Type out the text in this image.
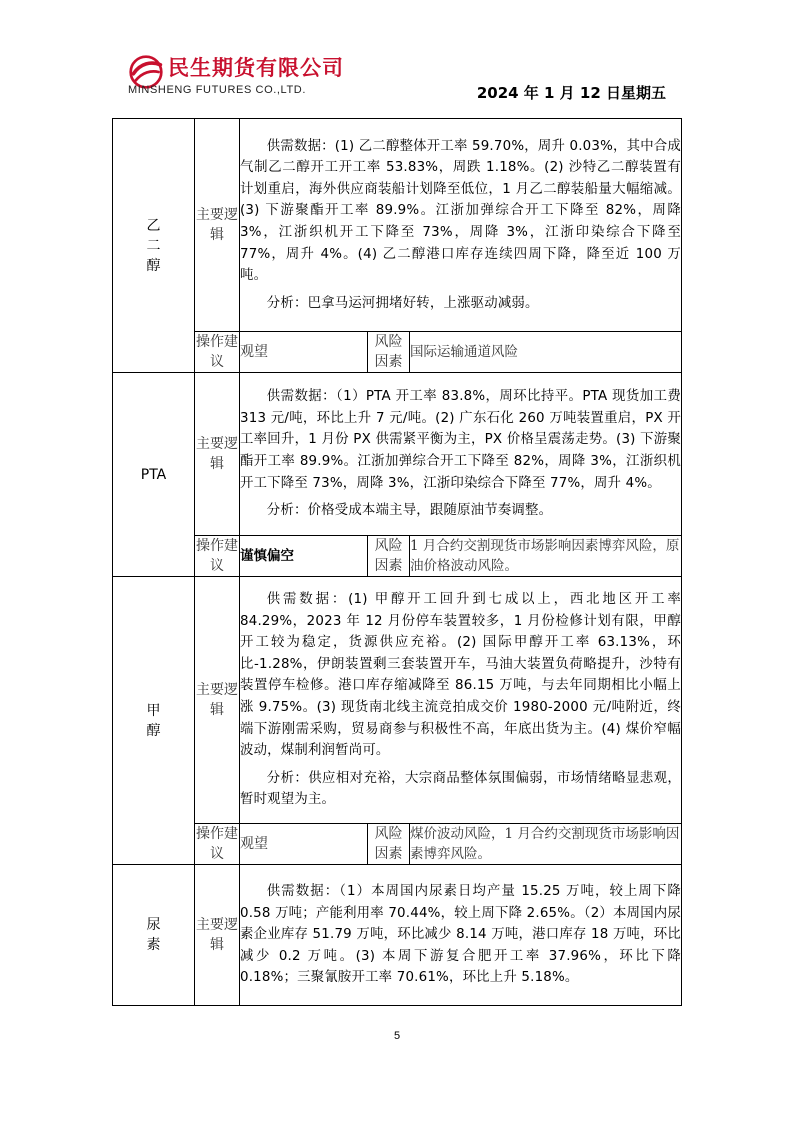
民生期货有限公司
MINSHENG FUTURES CO.,LTD.	2024 年 1 月 12 日星期五
乙二醇	主要逻辑	供需数据：(1) 乙二醇整体开工率 59.70%，周升 0.03%，其中合成气制乙二醇开工开工率 53.83%，周跌 1.18%。(2) 沙特乙二醇装置有计划重启，海外供应商装船计划降至低位，1 月乙二醇装船量大幅缩减。(3) 下游聚酯开工率 89.9%。江浙加弹综合开工下降至 82%，周降 3%，江浙织机开工下降至 73%，周降 3%，江浙印染综合下降至 77%，周升 4%。(4) 乙二醇港口库存连续四周下降，降至近 100 万吨。

分析：巴拿马运河拥堵好转，上涨驱动减弱。		

	操作建议	观望	风险因素	国际运输通道风险
PTA	主要逻辑	供需数据：（1）PTA 开工率 83.8%，周环比持平。PTA 现货加工费 313 元/吨，环比上升 7 元/吨。(2) 广东石化 260 万吨装置重启，PX 开工率回升，1 月份 PX 供需紧平衡为主，PX 价格呈震荡走势。(3) 下游聚酯开工率 89.9%。江浙加弹综合开工下降至 82%，周降 3%，江浙织机开工下降至 73%，周降 3%，江浙印染综合下降至 77%，周升 4%。

分析：价格受成本端主导，跟随原油节奏调整。		

	操作建议	谨慎偏空	风险因素	1 月合约交割现货市场影响因素博弈风险，原油价格波动风险。
甲醇	主要逻辑	供需数据：(1) 甲醇开工回升到七成以上，西北地区开工率 84.29%，2023 年 12 月份停车装置较多，1 月份检修计划有限，甲醇开工较为稳定，货源供应充裕。(2) 国际甲醇开工率 63.13%，环比-1.28%，伊朗装置剩三套装置开车，马油大装置负荷略提升，沙特有装置停车检修。港口库存缩减降至 86.15 万吨，与去年同期相比小幅上涨 9.75%。(3) 现货南北线主流竞拍成交价 1980-2000 元/吨附近，终端下游刚需采购，贸易商参与积极性不高，年底出货为主。(4) 煤价窄幅波动，煤制利润暂尚可。

分析：供应相对充裕，大宗商品整体氛围偏弱，市场情绪略显悲观，暂时观望为主。		

	操作建议	观望	风险因素	煤价波动风险，1 月合约交割现货市场影响因素博弈风险。
尿素	主要逻辑	供需数据：（1）本周国内尿素日均产量 15.25 万吨，较上周下降 0.58 万吨；产能利用率 70.44%，较上周下降 2.65%。（2）本周国内尿素企业库存 51.79 万吨，环比减少 8.14 万吨，港口库存 18 万吨，环比减少 0.2 万吨。(3) 本周下游复合肥开工率 37.96%，环比下降 0.18%；三聚氰胺开工率 70.61%，环比上升 5.18%。		

5
